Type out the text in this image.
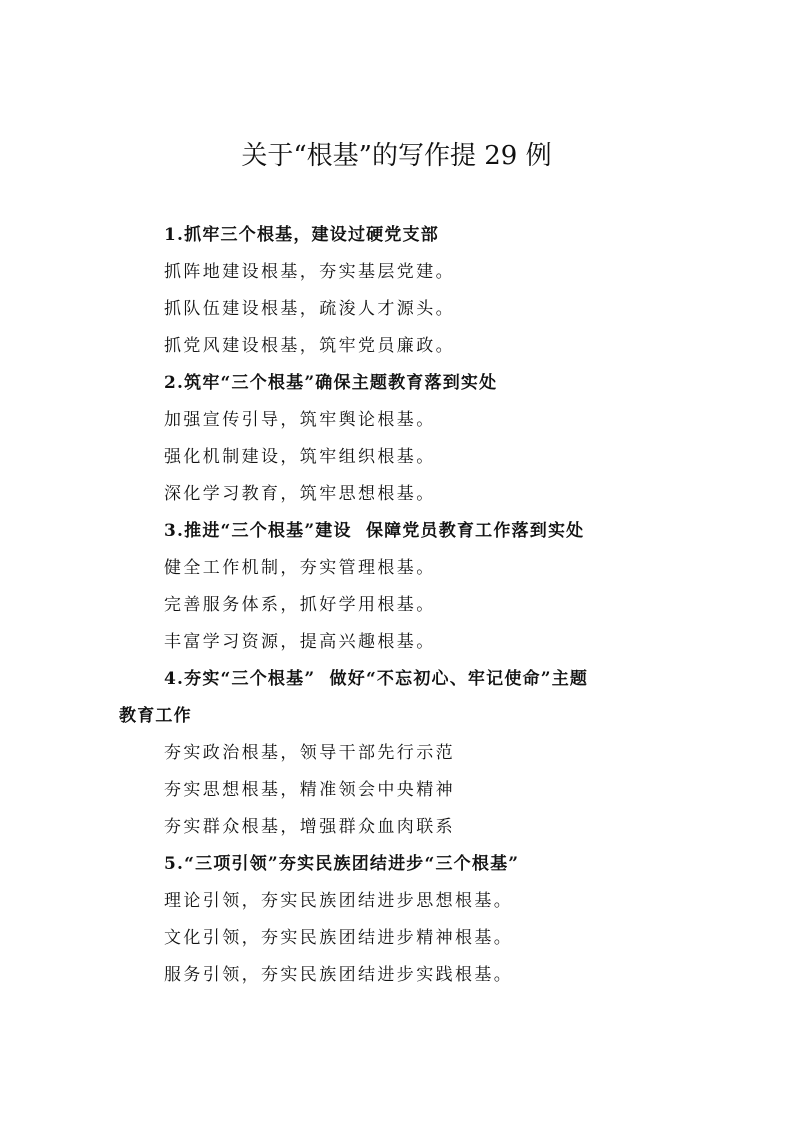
关于“根基”的写作提 29 例
1.抓牢三个根基，建设过硬党支部
抓阵地建设根基，夯实基层党建。
抓队伍建设根基，疏浚人才源头。
抓党风建设根基，筑牢党员廉政。
2.筑牢“三个根基”确保主题教育落到实处
加强宣传引导，筑牢舆论根基。
强化机制建设，筑牢组织根基。
深化学习教育，筑牢思想根基。
3.推进“三个根基”建设  保障党员教育工作落到实处
健全工作机制，夯实管理根基。
完善服务体系，抓好学用根基。
丰富学习资源，提高兴趣根基。
4.夯实“三个根基”  做好“不忘初心、牢记使命”主题
教育工作
夯实政治根基，领导干部先行示范
夯实思想根基，精准领会中央精神
夯实群众根基，增强群众血肉联系
5.“三项引领”夯实民族团结进步“三个根基”
理论引领，夯实民族团结进步思想根基。
文化引领，夯实民族团结进步精神根基。
服务引领，夯实民族团结进步实践根基。
